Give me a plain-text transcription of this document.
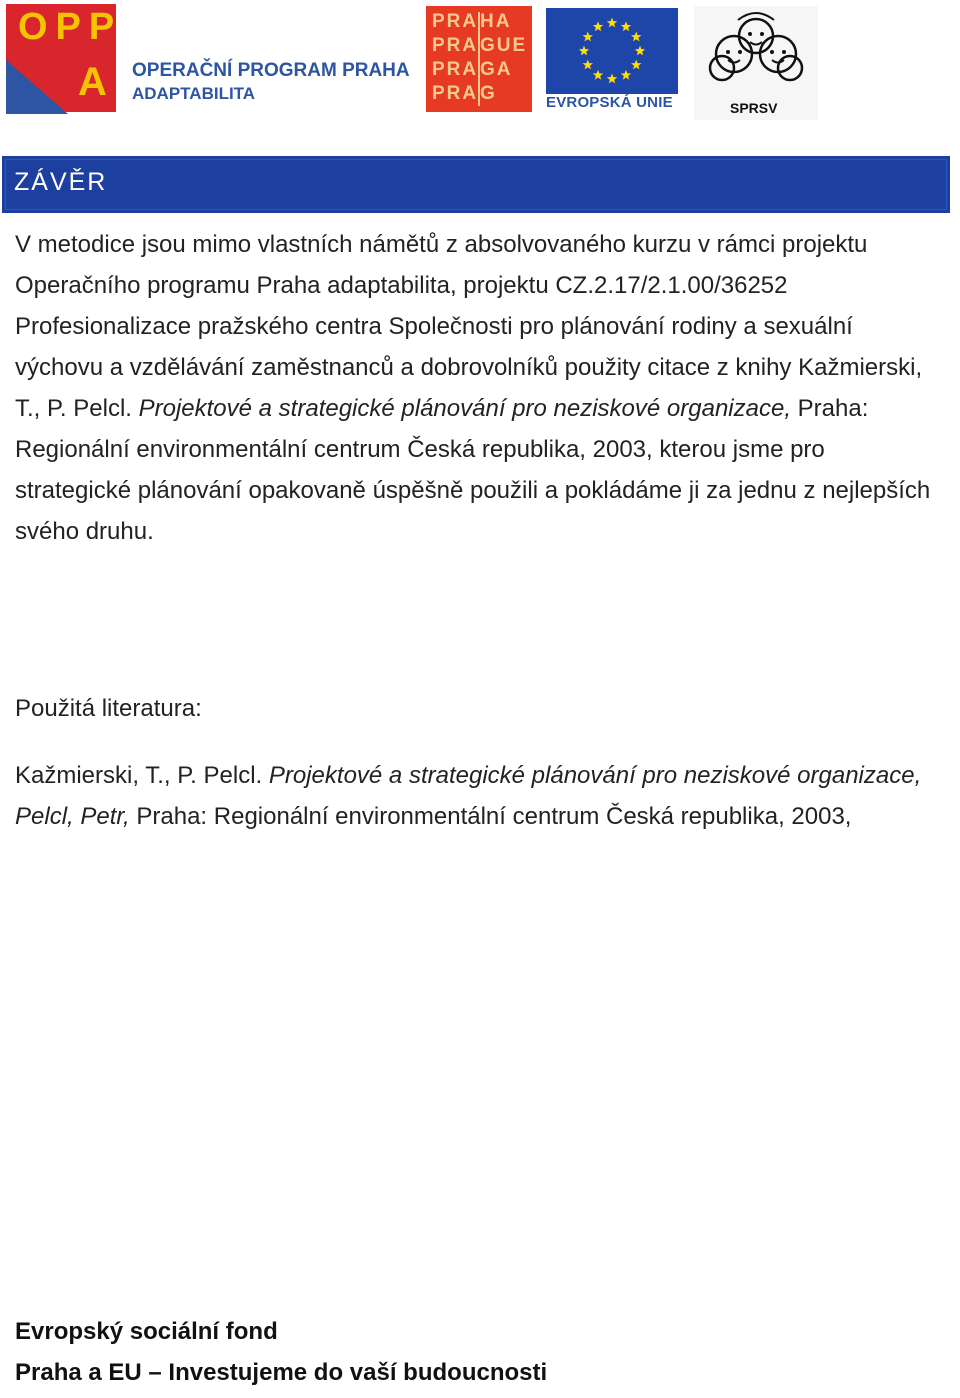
OPP
A OPERAČNÍ PROGRAM PRAHA
ADAPTABILITA
PRA HA
PRA GUE
PRA GA
PRA G	EVROPSKÁ UNIE	SPRSV
ZÁVĚR
V metodice jsou mimo vlastních námětů z absolvovaného kurzu v rámci projektu Operačního programu Praha adaptabilita, projektu CZ.2.17/2.1.00/36252 Profesionalizace pražského centra Společnosti pro plánování rodiny a sexuální výchovu a vzdělávání zaměstnanců a dobrovolníků použity citace z knihy Kažmierski, T., P. Pelcl. Projektové a strategické plánování pro neziskové organizace, Praha: Regionální environmentální centrum Česká republika, 2003, kterou jsme pro strategické plánování opakovaně úspěšně použili a pokládáme ji za jednu z nejlepších svého druhu.
Použitá literatura:
Kažmierski, T., P. Pelcl. Projektové a strategické plánování pro neziskové organizace, Pelcl, Petr, Praha: Regionální environmentální centrum Česká republika, 2003,
Evropský sociální fond
Praha a EU – Investujeme do vaší budoucnosti
